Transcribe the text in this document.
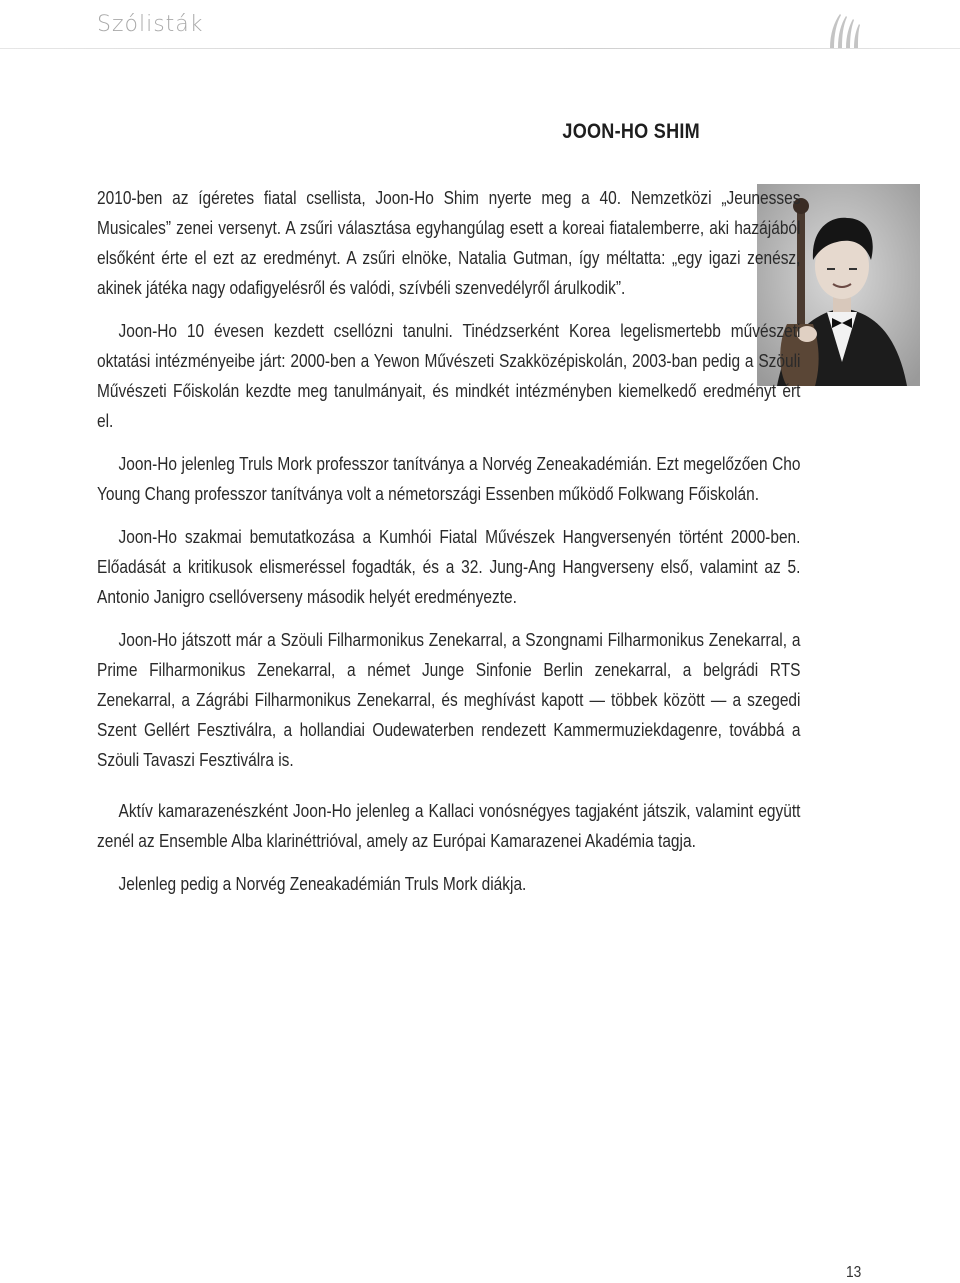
Szólisták
JOON-HO SHIM

2010-ben az ígéretes fiatal csellista, Joon-Ho Shim nyerte meg a 40. Nemzetközi „Jeunesses Musicales” zenei versenyt. A zsűri választása egyhangúlag esett a koreai fiatalemberre, aki hazájából elsőként érte el ezt az eredményt. A zsűri elnöke, Natalia Gutman, így méltatta: „egy igazi zenész, akinek játéka nagy odafigyelésről és valódi, szívbéli szenvedélyről árulkodik”.

Joon-Ho 10 évesen kezdett csellózni tanulni. Tinédzserként Korea legelismertebb művészeti oktatási intézményeibe járt: 2000-ben a Yewon Művészeti Szakközépiskolán, 2003-ban pedig a Szöuli Művészeti Főiskolán kezdte meg tanulmányait, és mindkét intézményben kiemelkedő eredményt ért el.

Joon-Ho jelenleg Truls Mork professzor tanítványa a Norvég Zeneakadémián. Ezt megelőzően Cho Young Chang professzor tanítványa volt a németországi Essenben működő Folkwang Főiskolán.

Joon-Ho szakmai bemutatkozása a Kumhói Fiatal Művészek Hangversenyén történt 2000-ben. Előadását a kritikusok elismeréssel fogadták, és a 32. Jung-Ang Hangverseny első, valamint az 5. Antonio Janigro csellóverseny második helyét eredményezte.

Joon-Ho játszott már a Szöuli Filharmonikus Zenekarral, a Szongnami Filharmonikus Zenekarral, a Prime Filharmonikus Zenekarral, a német Junge Sinfonie Berlin zenekarral, a belgrádi RTS Zenekarral, a Zágrábi Filharmonikus Zenekarral, és meghívást kapott — többek között — a szegedi Szent Gellért Fesztiválra, a hollandiai Oudewaterben rendezett Kammermuziekdagenre, továbbá a Szöuli Tavaszi Fesztiválra is.

Aktív kamarazenészként Joon-Ho jelenleg a Kallaci vonósnégyes tagjaként játszik, valamint együtt zenél az Ensemble Alba klarinéttrióval, amely az Európai Kamarazenei Akadémia tagja.

Jelenleg pedig a Norvég Zeneakadémián Truls Mork diákja.

13
